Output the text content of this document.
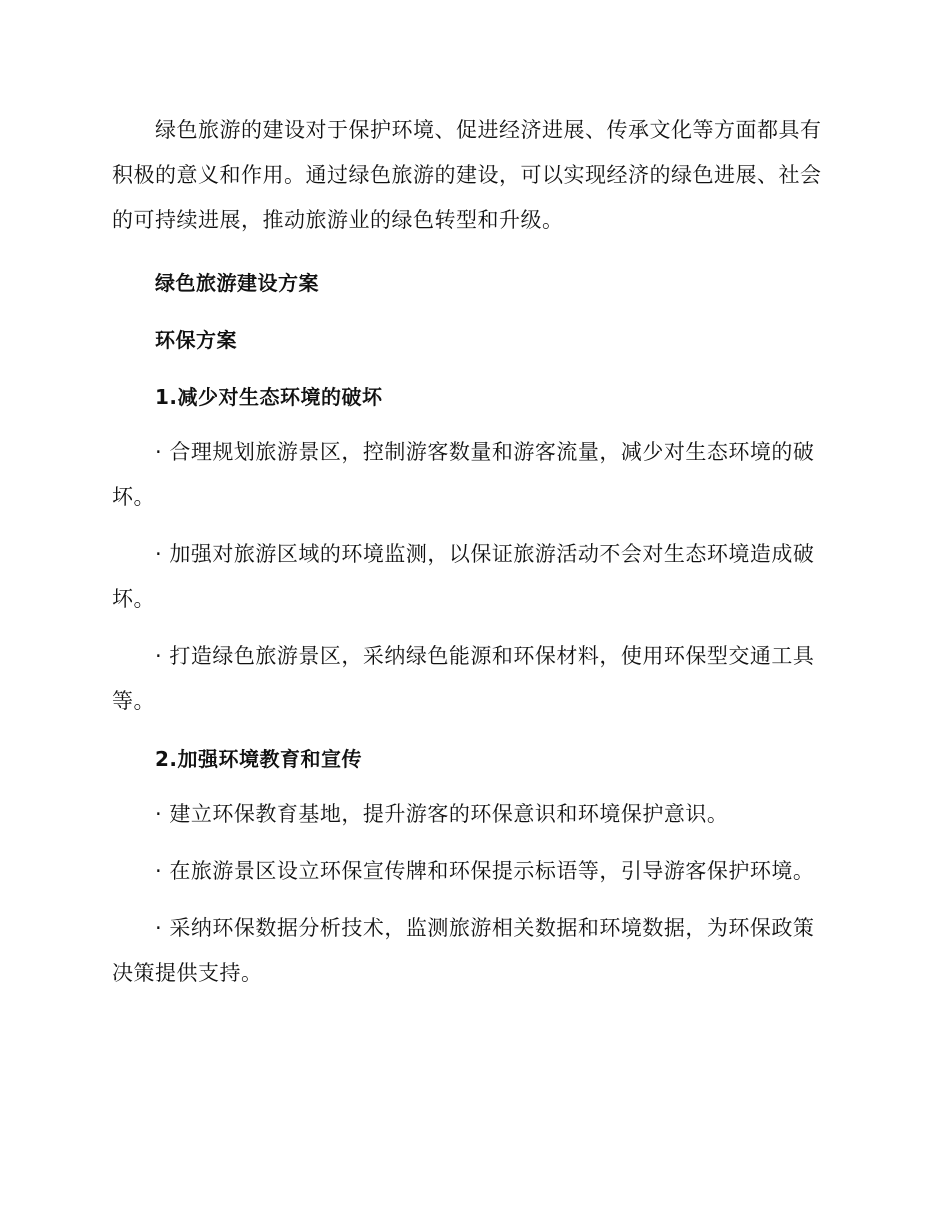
绿色旅游的建设对于保护环境、促进经济进展、传承文化等方面都具有积极的意义和作用。通过绿色旅游的建设，可以实现经济的绿色进展、社会的可持续进展，推动旅游业的绿色转型和升级。

绿色旅游建设方案
环保方案
1.减少对生态环境的破坏

· 合理规划旅游景区，控制游客数量和游客流量，减少对生态环境的破坏。

· 加强对旅游区域的环境监测，以保证旅游活动不会对生态环境造成破坏。

· 打造绿色旅游景区，采纳绿色能源和环保材料，使用环保型交通工具等。

2.加强环境教育和宣传

· 建立环保教育基地，提升游客的环保意识和环境保护意识。

· 在旅游景区设立环保宣传牌和环保提示标语等，引导游客保护环境。

· 采纳环保数据分析技术，监测旅游相关数据和环境数据，为环保政策决策提供支持。
